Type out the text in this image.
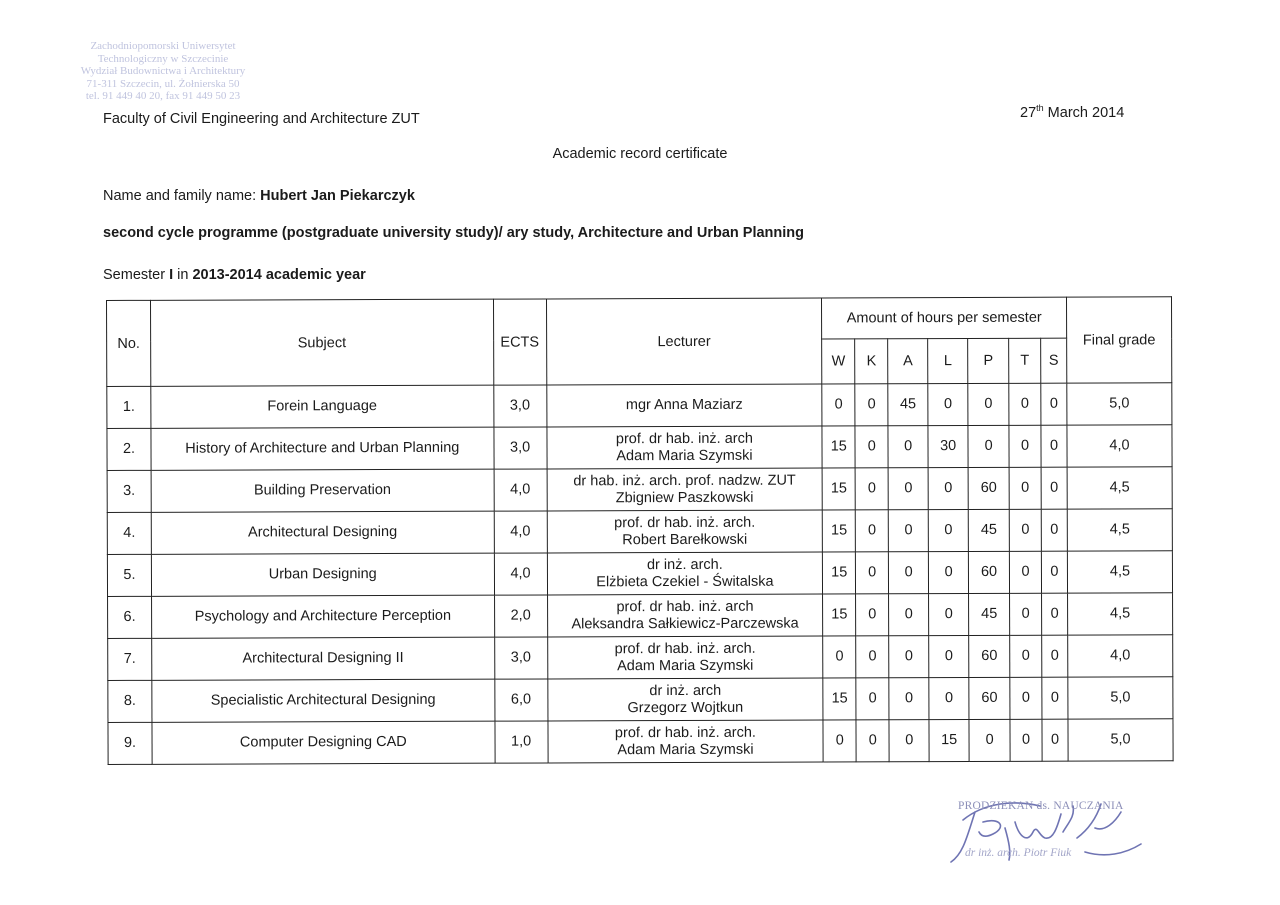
Zachodniopomorski Uniwersytet
Technologiczny w Szczecinie
Wydział Budownictwa i Architektury
71-311 Szczecin, ul. Żołnierska 50
tel. 91 449 40 20, fax 91 449 50 23
Faculty of Civil Engineering and Architecture ZUT	27th March 2014
Academic record certificate
Name and family name: Hubert Jan Piekarczyk
second cycle programme (postgraduate university study)/ ary study, Architecture and Urban Planning
Semester I in 2013-2014 academic year
No.	Subject	ECTS	Lecturer	Amount of hours per semester							Final grade
				W	K	A	L	P	T	S	
1.	Forein Language	3,0	mgr Anna Maziarz	0	0	45	0	0	0	0	5,0
2.	History of Architecture and Urban Planning	3,0	prof. dr hab. inż. arch
Adam Maria Szymski	15	0	0	30	0	0	0	4,0
3.	Building Preservation	4,0	dr hab. inż. arch. prof. nadzw. ZUT
Zbigniew Paszkowski	15	0	0	0	60	0	0	4,5
4.	Architectural Designing	4,0	prof. dr hab. inż. arch.
Robert Barełkowski	15	0	0	0	45	0	0	4,5
5.	Urban Designing	4,0	dr inż. arch.
Elżbieta Czekiel - Świtalska	15	0	0	0	60	0	0	4,5
6.	Psychology and Architecture Perception	2,0	prof. dr hab. inż. arch
Aleksandra Sałkiewicz-Parczewska	15	0	0	0	45	0	0	4,5
7.	Architectural Designing II	3,0	prof. dr hab. inż. arch.
Adam Maria Szymski	0	0	0	0	60	0	0	4,0
8.	Specialistic Architectural Designing	6,0	dr inż. arch
Grzegorz Wojtkun	15	0	0	0	60	0	0	5,0
9.	Computer Designing CAD	1,0	prof. dr hab. inż. arch.
Adam Maria Szymski	0	0	0	15	0	0	0	5,0
PRODZIEKAN ds. NAUCZANIA
dr inż. arch. Piotr Fiuk
